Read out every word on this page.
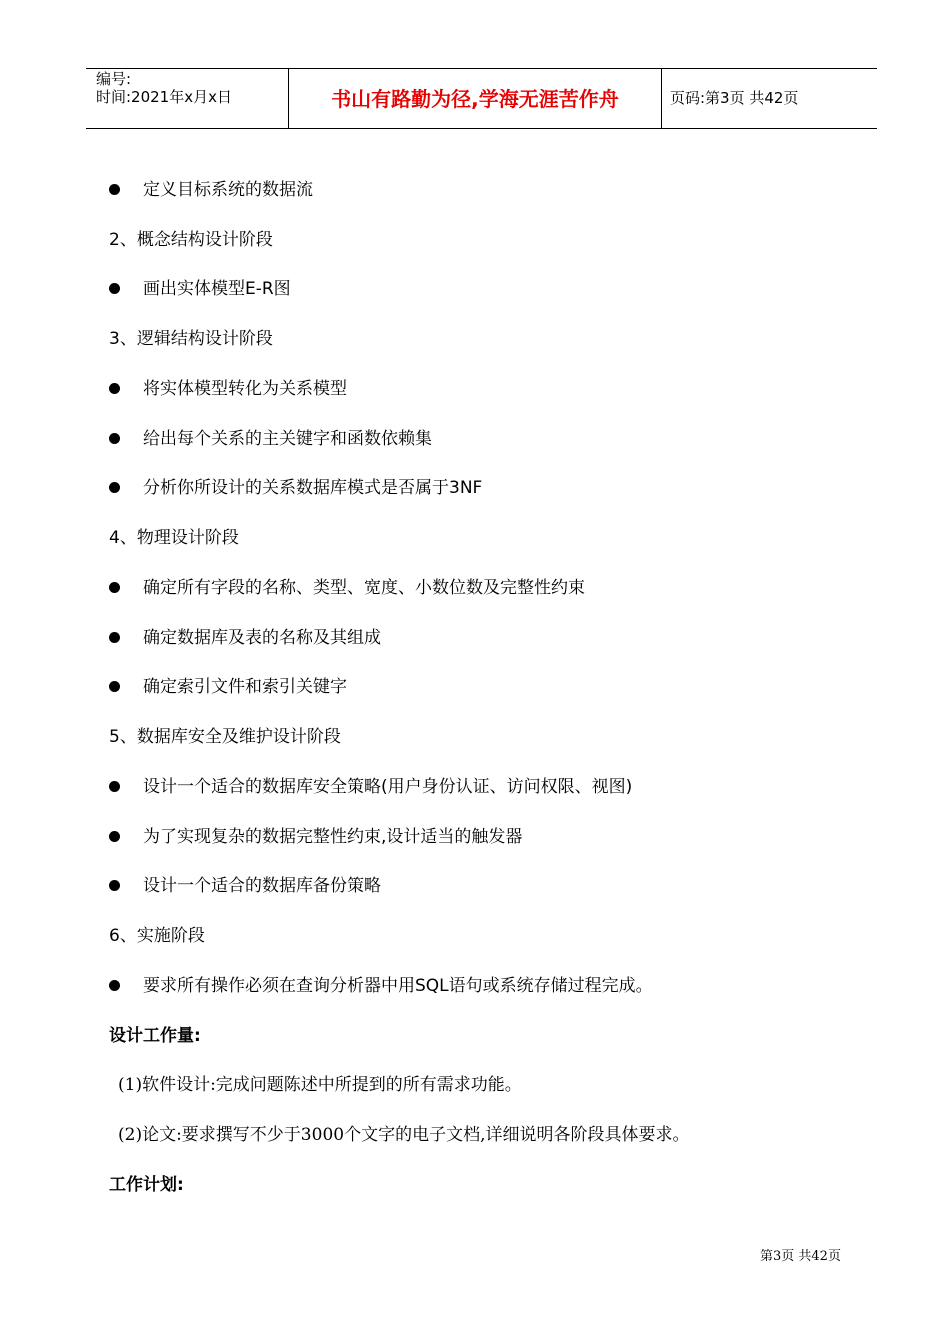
编号:
时间:2021年x月x日	书山有路勤为径,学海无涯苦作舟	页码:第3页 共42页
定义目标系统的数据流
2、概念结构设计阶段
画出实体模型E-R图
3、逻辑结构设计阶段
将实体模型转化为关系模型
给出每个关系的主关键字和函数依赖集
分析你所设计的关系数据库模式是否属于3NF
4、物理设计阶段
确定所有字段的名称、类型、宽度、小数位数及完整性约束
确定数据库及表的名称及其组成
确定索引文件和索引关键字
5、数据库安全及维护设计阶段
设计一个适合的数据库安全策略(用户身份认证、访问权限、视图)
为了实现复杂的数据完整性约束,设计适当的触发器
设计一个适合的数据库备份策略
6、实施阶段
要求所有操作必须在查询分析器中用SQL语句或系统存储过程完成。
设计工作量:
(1)软件设计:完成问题陈述中所提到的所有需求功能。
(2)论文:要求撰写不少于3000个文字的电子文档,详细说明各阶段具体要求。
工作计划:
第3页 共42页
